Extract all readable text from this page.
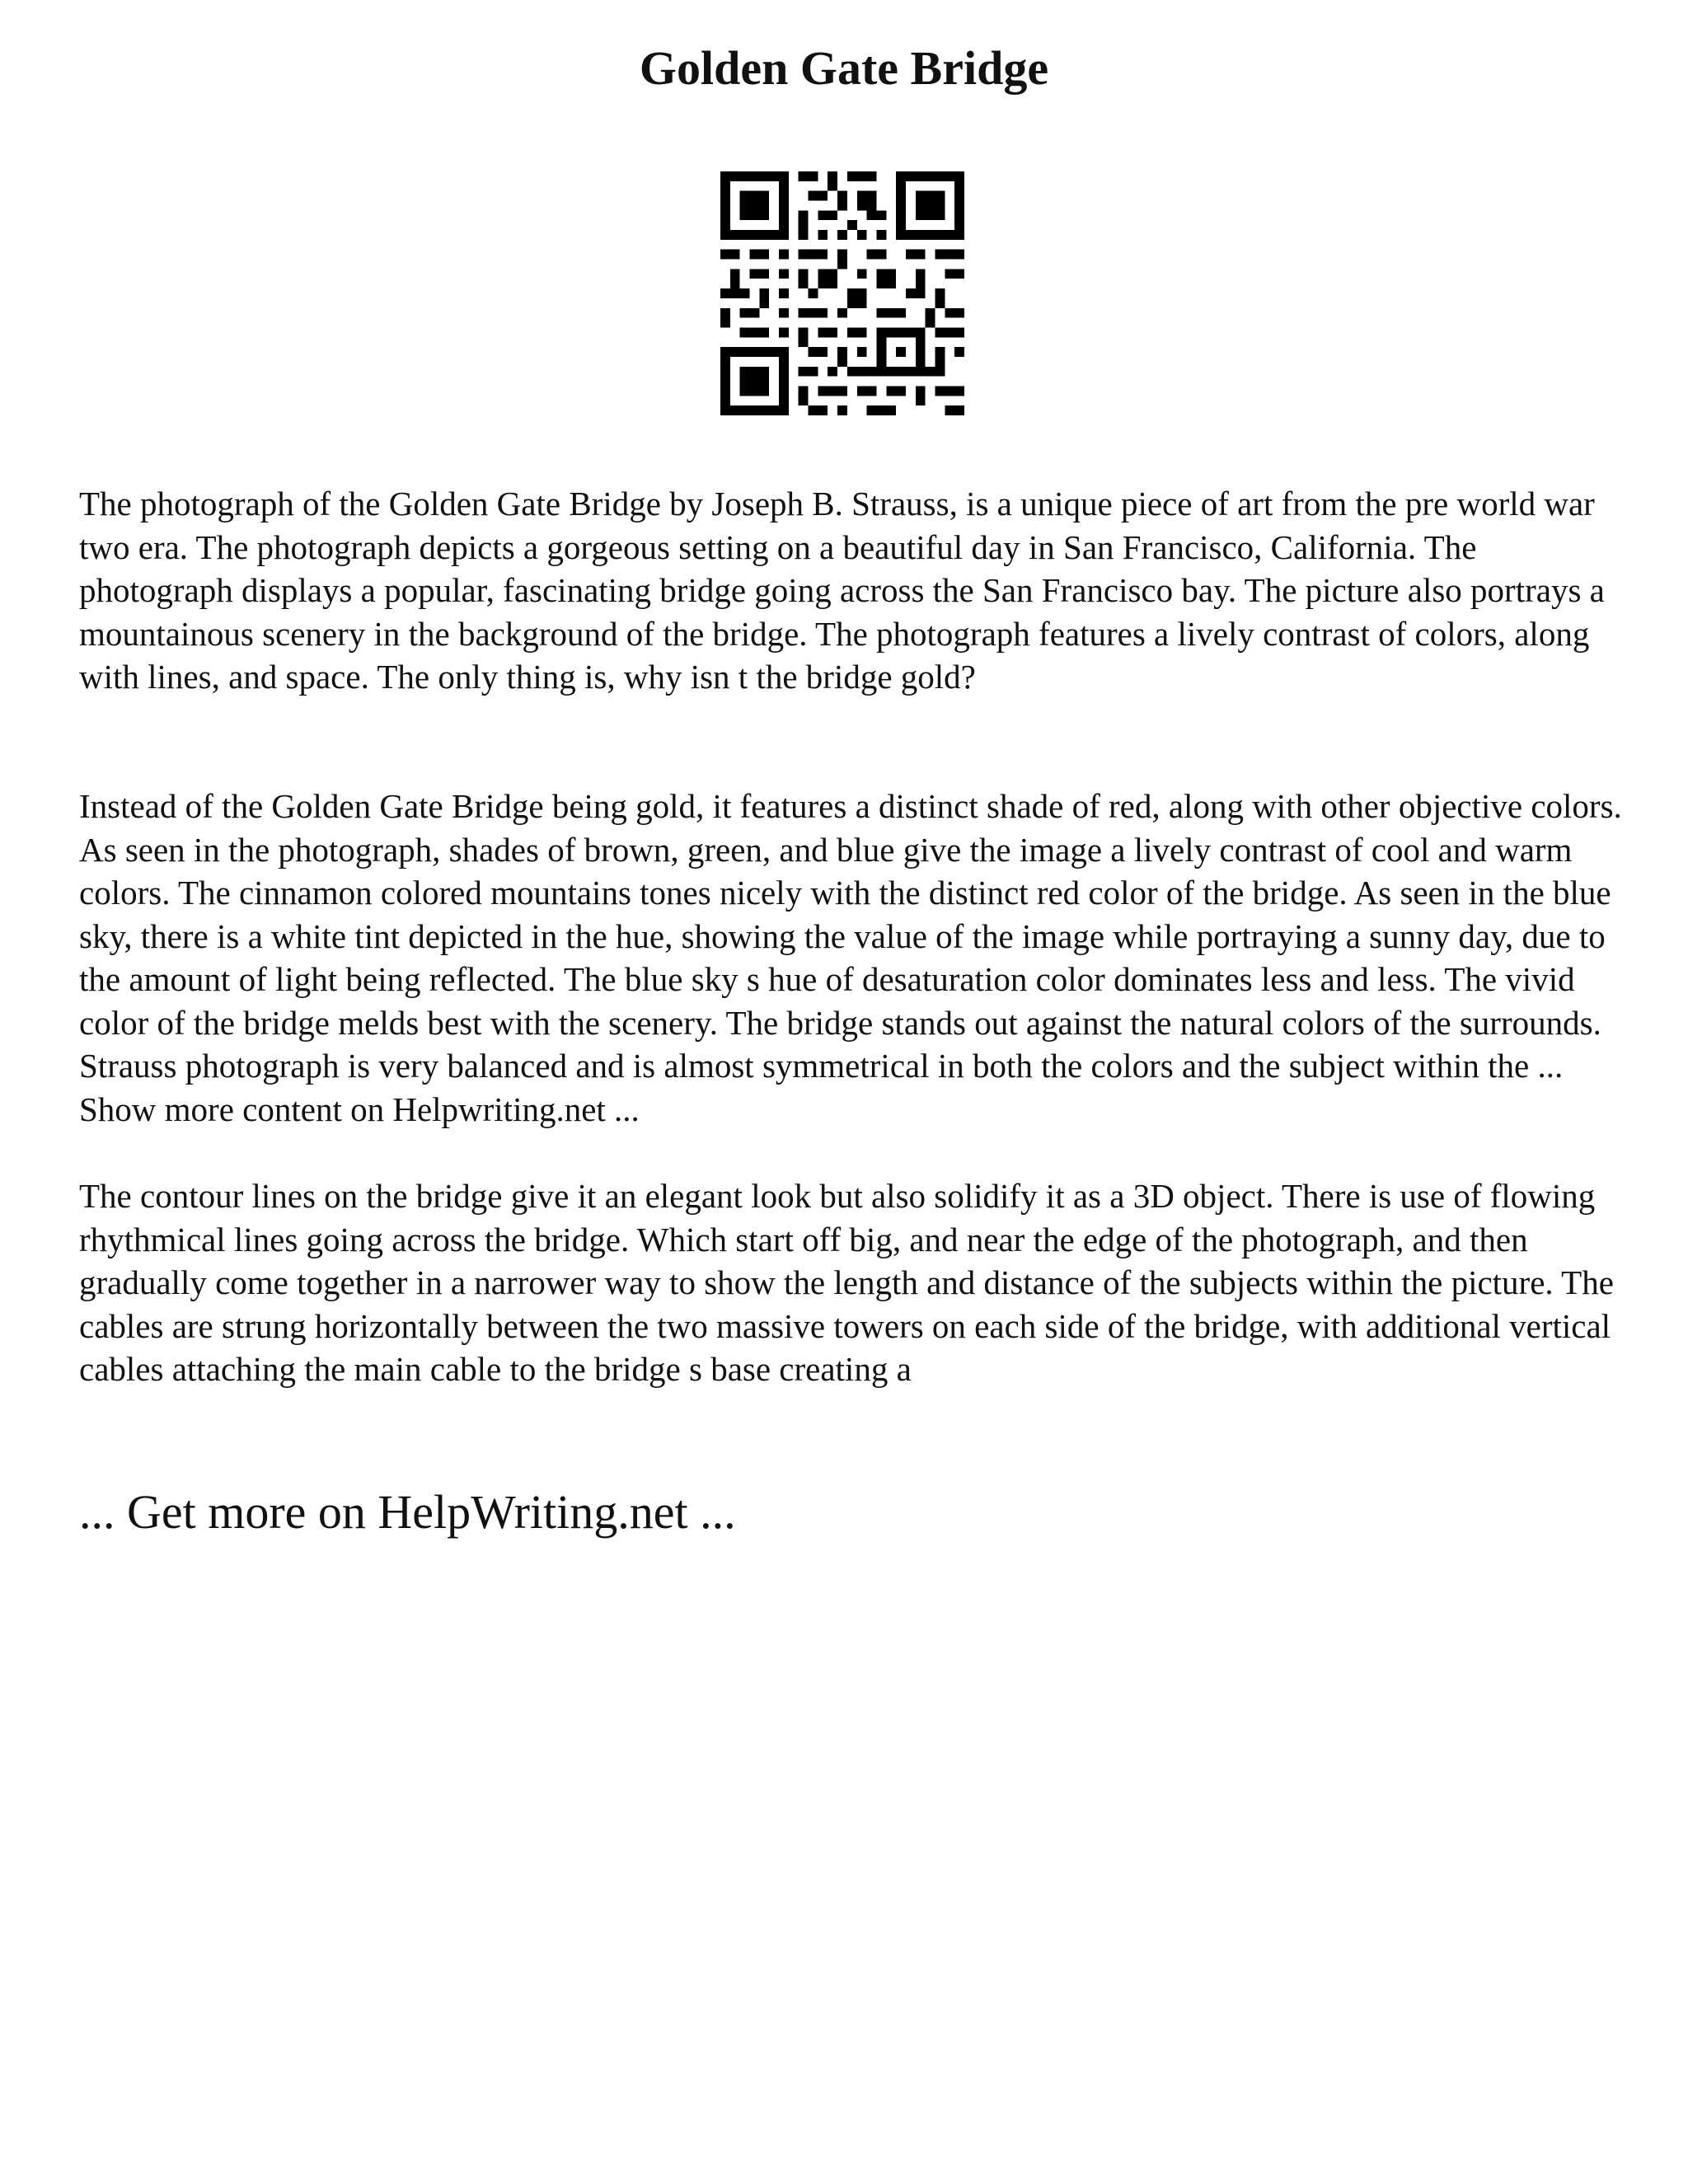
Golden Gate Bridge

The photograph of the Golden Gate Bridge by Joseph B. Strauss, is a unique piece of art from the pre world war two era. The photograph depicts a gorgeous setting on a beautiful day in San Francisco, California. The photograph displays a popular, fascinating bridge going across the San Francisco bay. The picture also portrays a mountainous scenery in the background of the bridge. The photograph features a lively contrast of colors, along with lines, and space. The only thing is, why isn t the bridge gold?

Instead of the Golden Gate Bridge being gold, it features a distinct shade of red, along with other objective colors. As seen in the photograph, shades of brown, green, and blue give the image a lively contrast of cool and warm colors. The cinnamon colored mountains tones nicely with the distinct red color of the bridge. As seen in the blue sky, there is a white tint depicted in the hue, showing the value of the image while portraying a sunny day, due to the amount of light being reflected. The blue sky s hue of desaturation color dominates less and less. The vivid color of the bridge melds best with the scenery. The bridge stands out against the natural colors of the surrounds. Strauss photograph is very balanced and is almost symmetrical in both the colors and the subject within the ... Show more content on Helpwriting.net ...

The contour lines on the bridge give it an elegant look but also solidify it as a 3D object. There is use of flowing rhythmical lines going across the bridge. Which start off big, and near the edge of the photograph, and then gradually come together in a narrower way to show the length and distance of the subjects within the picture. The cables are strung horizontally between the two massive towers on each side of the bridge, with additional vertical cables attaching the main cable to the bridge s base creating a

... Get more on HelpWriting.net ...
